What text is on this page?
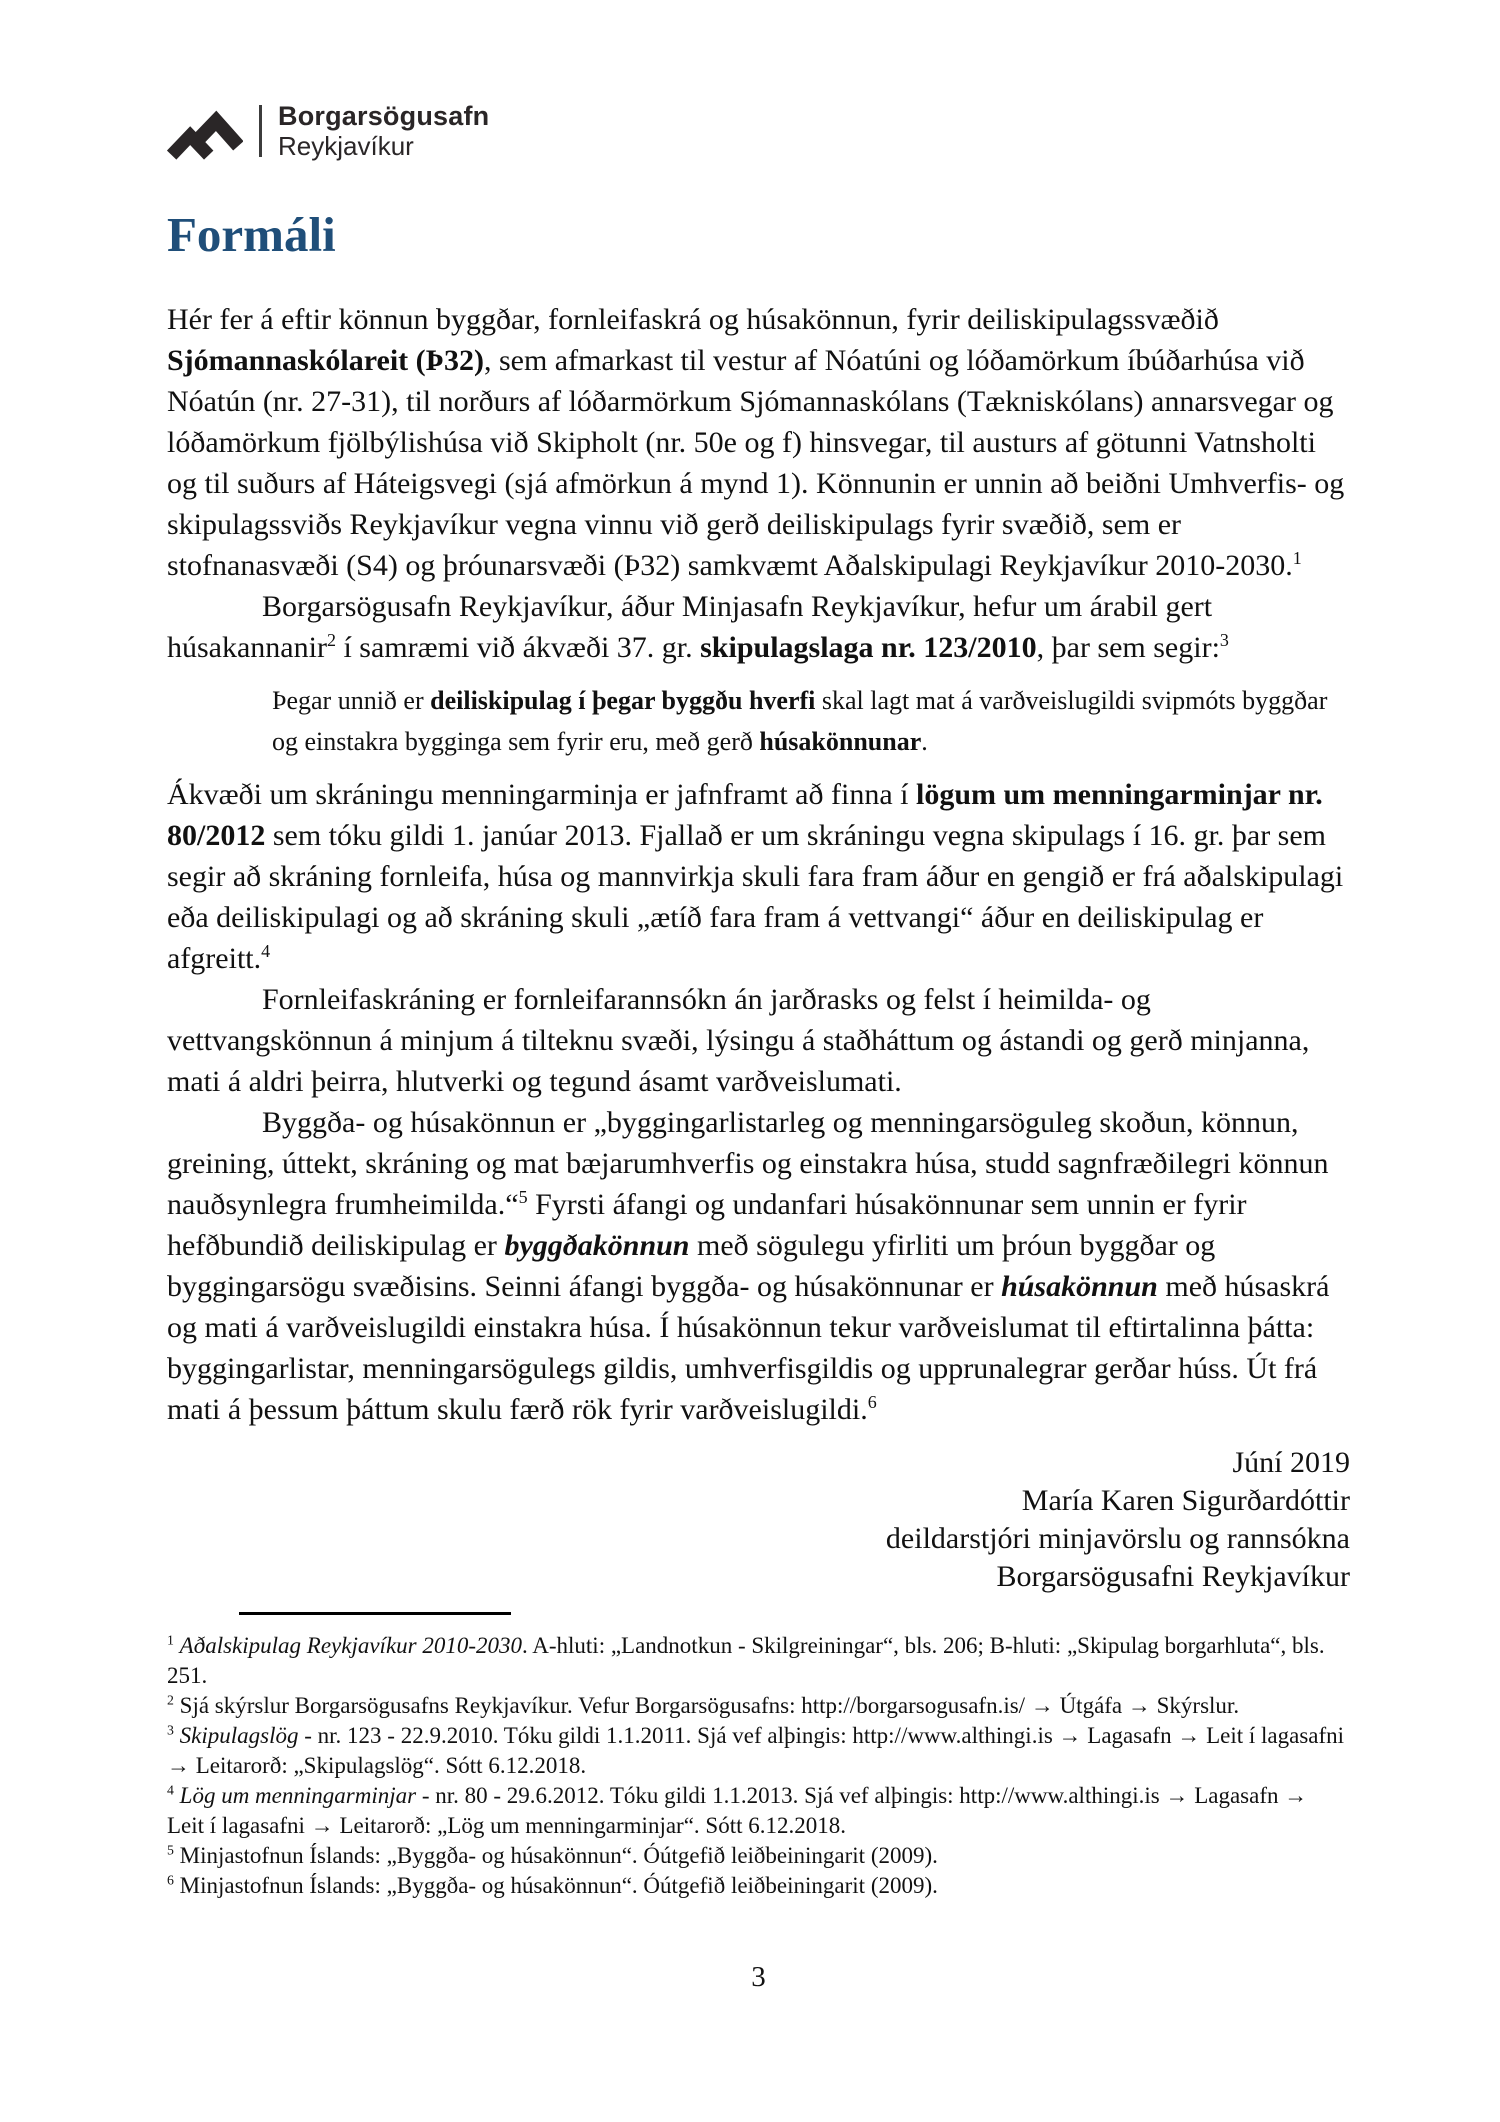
Borgarsögusafn
Reykjavíkur
Formáli

Hér fer á eftir könnun byggðar, fornleifaskrá og húsakönnun, fyrir deiliskipulagssvæðið Sjómannaskólareit (Þ32), sem afmarkast til vestur af Nóatúni og lóðamörkum íbúðarhúsa við Nóatún (nr. 27-31), til norðurs af lóðarmörkum Sjómannaskólans (Tækniskólans) annarsvegar og lóðamörkum fjölbýlishúsa við Skipholt (nr. 50e og f) hinsvegar, til austurs af götunni Vatnsholti og til suðurs af Háteigsvegi (sjá afmörkun á mynd 1). Könnunin er unnin að beiðni Umhverfis- og skipulagssviðs Reykjavíkur vegna vinnu við gerð deiliskipulags fyrir svæðið, sem er stofnanasvæði (S4) og þróunarsvæði (Þ32) samkvæmt Aðalskipulagi Reykjavíkur 2010-2030.$^1$

Borgarsögusafn Reykjavíkur, áður Minjasafn Reykjavíkur, hefur um árabil gert húsakannanir$^2$ í samræmi við ákvæði 37. gr. skipulagslaga nr. 123/2010, þar sem segir:$^3$

Þegar unnið er deiliskipulag í þegar byggðu hverfi skal lagt mat á varðveislugildi svipmóts byggðar og einstakra bygginga sem fyrir eru, með gerð húsakönnunar.

Ákvæði um skráningu menningarminja er jafnframt að finna í lögum um menningarminjar nr. 80/2012 sem tóku gildi 1. janúar 2013. Fjallað er um skráningu vegna skipulags í 16. gr. þar sem segir að skráning fornleifa, húsa og mannvirkja skuli fara fram áður en gengið er frá aðalskipulagi eða deiliskipulagi og að skráning skuli „ætíð fara fram á vettvangi“ áður en deiliskipulag er afgreitt.$^4$

Fornleifaskráning er fornleifarannsókn án jarðrasks og felst í heimilda- og vettvangskönnun á minjum á tilteknu svæði, lýsingu á staðháttum og ástandi og gerð minjanna, mati á aldri þeirra, hlutverki og tegund ásamt varðveislumati.

Byggða- og húsakönnun er „byggingarlistarleg og menningarsöguleg skoðun, könnun, greining, úttekt, skráning og mat bæjarumhverfis og einstakra húsa, studd sagnfræðilegri könnun nauðsynlegra frumheimilda.“$^5$ Fyrsti áfangi og undanfari húsakönnunar sem unnin er fyrir hefðbundið deiliskipulag er byggðakönnun með sögulegu yfirliti um þróun byggðar og byggingarsögu svæðisins. Seinni áfangi byggða- og húsakönnunar er húsakönnun með húsaskrá og mati á varðveislugildi einstakra húsa. Í húsakönnun tekur varðveislumat til eftirtalinna þátta: byggingarlistar, menningarsögulegs gildis, umhverfisgildis og upprunalegrar gerðar húss. Út frá mati á þessum þáttum skulu færð rök fyrir varðveislugildi.$^6$

Júní 2019
María Karen Sigurðardóttir
deildarstjóri minjavörslu og rannsókna
Borgarsögusafni Reykjavíkur

$^1$ Aðalskipulag Reykjavíkur 2010-2030. A-hluti: „Landnotkun - Skilgreiningar“, bls. 206; B-hluti: „Skipulag borgarhluta“, bls. 251.

$^2$ Sjá skýrslur Borgarsögusafns Reykjavíkur. Vefur Borgarsögusafns: http://borgarsogusafn.is/ → Útgáfa → Skýrslur.

$^3$ Skipulagslög - nr. 123 - 22.9.2010. Tóku gildi 1.1.2011. Sjá vef alþingis: http://www.althingi.is → Lagasafn → Leit í lagasafni → Leitarorð: „Skipulagslög“. Sótt 6.12.2018.

$^4$ Lög um menningarminjar - nr. 80 - 29.6.2012. Tóku gildi 1.1.2013. Sjá vef alþingis: http://www.althingi.is → Lagasafn → Leit í lagasafni → Leitarorð: „Lög um menningarminjar“. Sótt 6.12.2018.

$^5$ Minjastofnun Íslands: „Byggða- og húsakönnun“. Óútgefið leiðbeiningarit (2009).

$^6$ Minjastofnun Íslands: „Byggða- og húsakönnun“. Óútgefið leiðbeiningarit (2009).

3
